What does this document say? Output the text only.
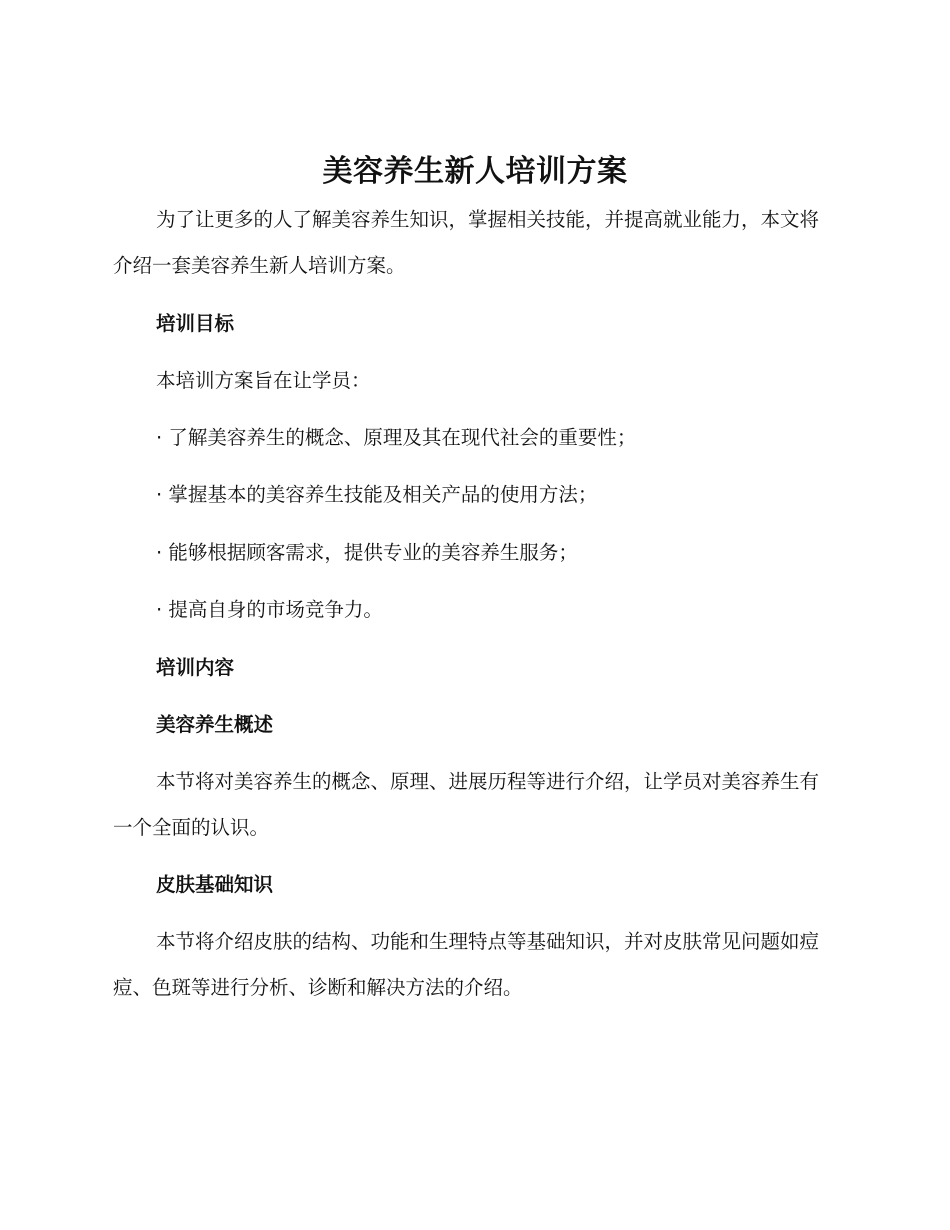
美容养生新人培训方案
为了让更多的人了解美容养生知识，掌握相关技能，并提高就业能力，本文将介绍一套美容养生新人培训方案。
培训目标
本培训方案旨在让学员：
· 了解美容养生的概念、原理及其在现代社会的重要性；
· 掌握基本的美容养生技能及相关产品的使用方法；
· 能够根据顾客需求，提供专业的美容养生服务；
· 提高自身的市场竞争力。
培训内容
美容养生概述
本节将对美容养生的概念、原理、进展历程等进行介绍，让学员对美容养生有一个全面的认识。
皮肤基础知识
本节将介绍皮肤的结构、功能和生理特点等基础知识，并对皮肤常见问题如痘痘、色斑等进行分析、诊断和解决方法的介绍。
